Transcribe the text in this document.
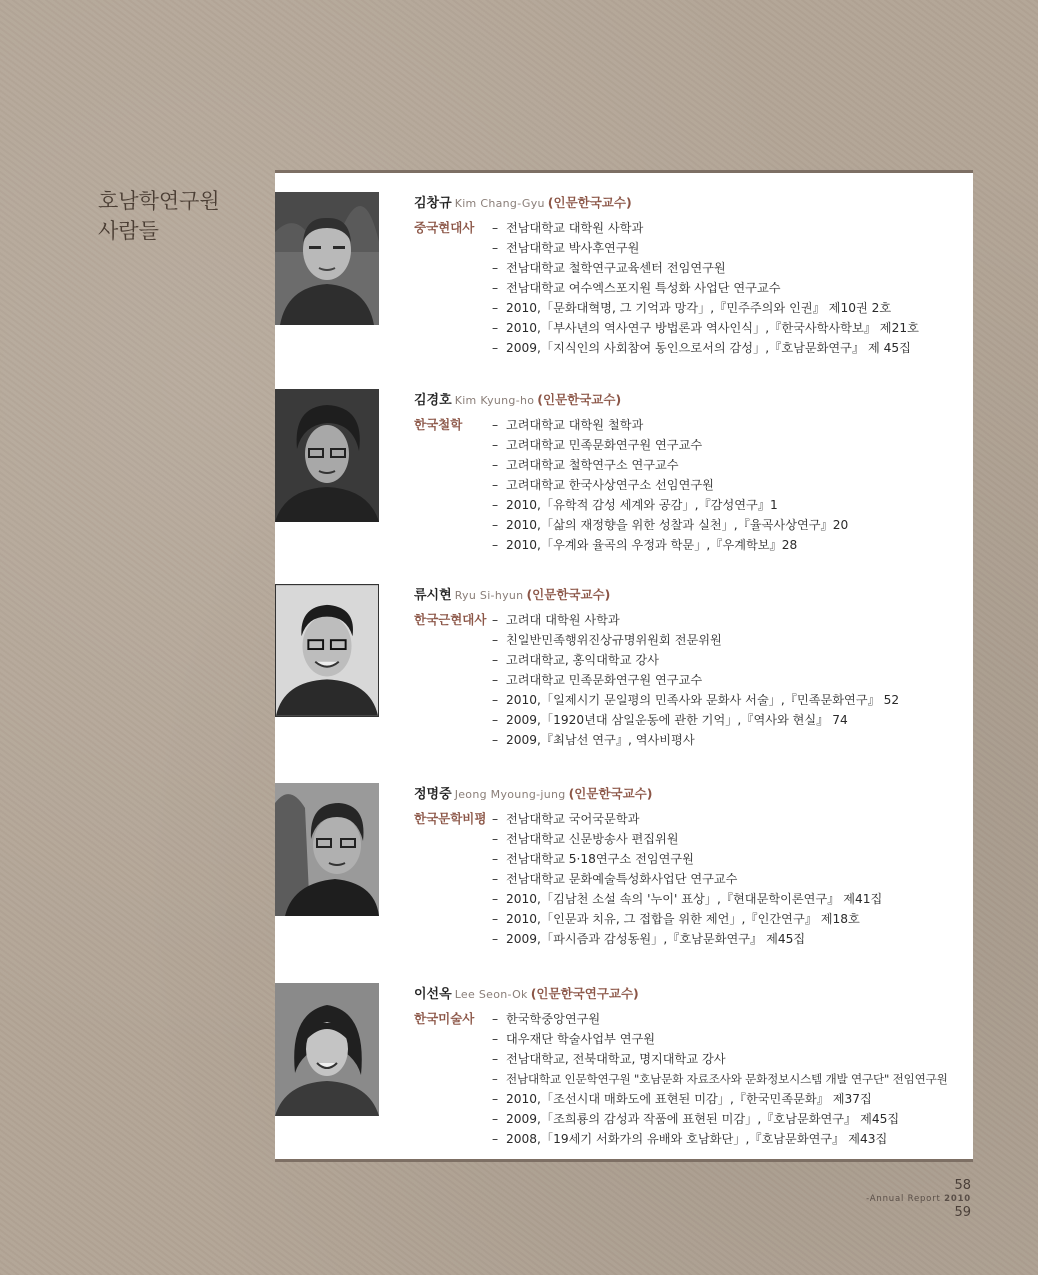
호남학연구원
사람들
김창규 Kim Chang-Gyu (인문한국교수)
중국현대사	– 전남대학교 대학원 사학과
– 전남대학교 박사후연구원
– 전남대학교 철학연구교육센터 전임연구원
– 전남대학교 여수엑스포지원 특성화 사업단 연구교수
– 2010,「문화대혁명, 그 기억과 망각」,『민주주의와 인권』 제10권 2호
– 2010,「부사년의 역사연구 방법론과 역사인식」,『한국사학사학보』 제21호
– 2009,「지식인의 사회참여 동인으로서의 감성」,『호남문화연구』 제 45집
김경호 Kim Kyung-ho (인문한국교수)
한국철학	– 고려대학교 대학원 철학과
– 고려대학교 민족문화연구원 연구교수
– 고려대학교 철학연구소 연구교수
– 고려대학교 한국사상연구소 선임연구원
– 2010,「유학적 감성 세계와 공감」,『감성연구』1
– 2010,「삶의 재정향을 위한 성찰과 실천」,『율곡사상연구』20
– 2010,「우계와 율곡의 우정과 학문」,『우계학보』28
류시현 Ryu Si-hyun (인문한국교수)
한국근현대사	– 고려대 대학원 사학과
– 친일반민족행위진상규명위원회 전문위원
– 고려대학교, 홍익대학교 강사
– 고려대학교 민족문화연구원 연구교수
– 2010,「일제시기 문일평의 민족사와 문화사 서술」,『민족문화연구』 52
– 2009,「1920년대 삼일운동에 관한 기억」,『역사와 현실』 74
– 2009,『최남선 연구』, 역사비평사
정명중 Jeong Myoung-jung (인문한국교수)
한국문학비평	– 전남대학교 국어국문학과
– 전남대학교 신문방송사 편집위원
– 전남대학교 5·18연구소 전임연구원
– 전남대학교 문화예술특성화사업단 연구교수
– 2010,「김남천 소설 속의 '누이' 표상」,『현대문학이론연구』 제41집
– 2010,「인문과 치유, 그 접합을 위한 제언」,『인간연구』 제18호
– 2009,「파시즘과 감성동원」,『호남문화연구』 제45집
이선옥 Lee Seon-Ok (인문한국연구교수)
한국미술사	– 한국학중앙연구원
– 대우재단 학술사업부 연구원
– 전남대학교, 전북대학교, 명지대학교 강사
– 전남대학교 인문학연구원 "호남문화 자료조사와 문화정보시스템 개발 연구단" 전임연구원
– 2010,「조선시대 매화도에 표현된 미감」,『한국민족문화』 제37집
– 2009,「조희룡의 감성과 작품에 표현된 미감」,『호남문화연구』 제45집
– 2008,「19세기 서화가의 유배와 호남화단」,『호남문화연구』 제43집
58
-Annual Report 2010
59
